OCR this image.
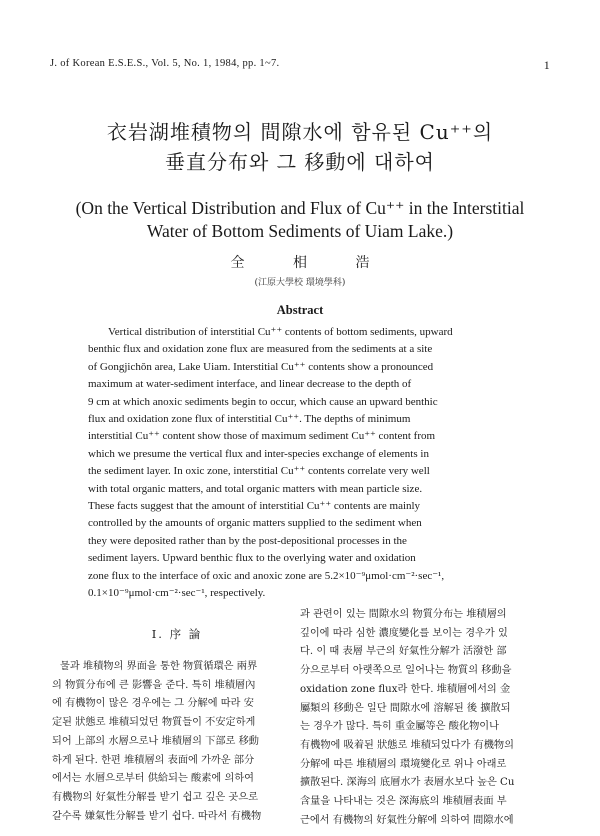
J. of Korean E.S.E.S., Vol. 5, No. 1, 1984, pp. 1~7.	1
衣岩湖堆積物의 間隙水에 함유된 Cu⁺⁺의
垂直分布와 그 移動에 대하여
(On the Vertical Distribution and Flux of Cu⁺⁺ in the Interstitial
Water of Bottom Sediments of Uiam Lake.)
全 相 浩
(江原大學校 環境學科)
Abstract

Vertical distribution of interstitial Cu⁺⁺ contents of bottom sediments, upward
benthic flux and oxidation zone flux are measured from the sediments at a site
of Gongjichŏn area, Lake Uiam. Interstitial Cu⁺⁺ contents show a pronounced
maximum at water-sediment interface, and linear decrease to the depth of
9 cm at which anoxic sediments begin to occur, which cause an upward benthic
flux and oxidation zone flux of interstitial Cu⁺⁺. The depths of minimum
interstitial Cu⁺⁺ content show those of maximum sediment Cu⁺⁺ content from
which we presume the vertical flux and inter-species exchange of elements in
the sediment layer. In oxic zone, interstitial Cu⁺⁺ contents correlate very well
with total organic matters, and total organic matters with mean particle size.
These facts suggest that the amount of interstitial Cu⁺⁺ contents are mainly
controlled by the amounts of organic matters supplied to the sediment when
they were deposited rather than by the post-depositional processes in the
sediment layers. Upward benthic flux to the overlying water and oxidation
zone flux to the interface of oxic and anoxic zone are 5.2×10⁻⁹μmol·cm⁻²·sec⁻¹,
0.1×10⁻⁹μmol·cm⁻²·sec⁻¹, respectively.

I. 序 論
물과 堆積物의 界面을 통한 物質循環은 兩界
의 物質分布에 큰 影響을 준다. 특히 堆積層內
에 有機物이 많은 경우에는 그 分解에 따라 安
定된 狀態로 堆積되었던 物質들이 不安定하게
되어 上部의 水層으로나 堆積層의 下部로 移動
하게 된다. 한편 堆積層의 表面에 가까운 部分
에서는 水層으로부터 供給되는 酸素에 의하여
有機物의 好氣性分解를 받기 쉽고 깊은 곳으로
갈수록 嫌氣性分解를 받기 쉽다. 따라서 有機物
과 관련이 있는 間隙水의 物質分布는 堆積層의
깊이에 따라 심한 濃度變化를 보이는 경우가 있
다. 이 때 表層 부근의 好氣性分解가 活潑한 部
分으로부터 아랫쪽으로 일어나는 物質의 移動을
oxidation zone flux라 한다. 堆積層에서의 金
屬類의 移動은 일단 間隙水에 溶解된 後 擴散되
는 경우가 많다. 특히 重金屬等은 酸化物이나
有機物에 吸着된 狀態로 堆積되었다가 有機物의
分解에 따른 堆積層의 環境變化로 위나 아래로
擴散된다. 深海의 底層水가 表層水보다 높은 Cu
含量을 나타내는 것은 深海底의 堆積層表面 부
근에서 有機物의 好氣性分解에 의하여 間隙水에
